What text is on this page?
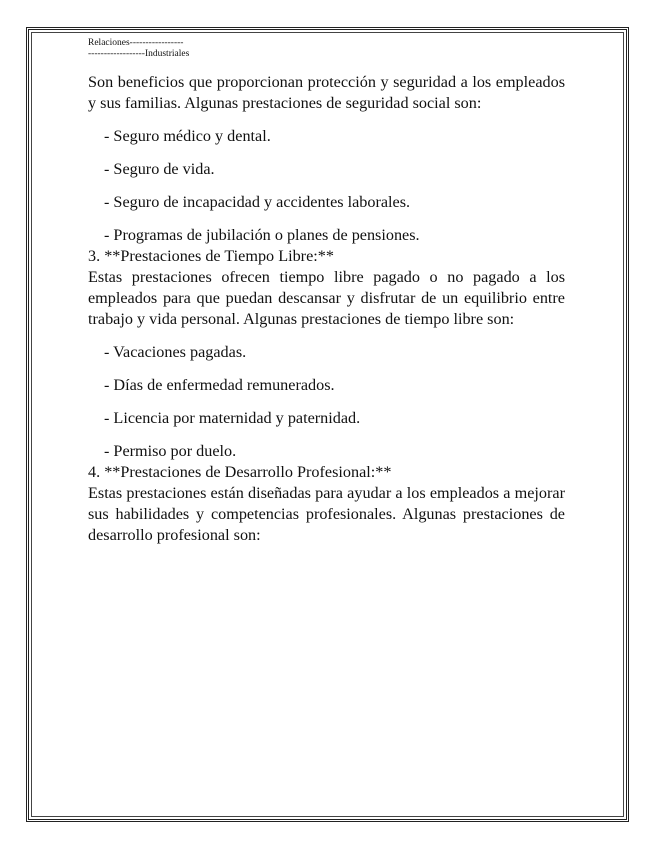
Relaciones-----------------
------------------Industriales

Son beneficios que proporcionan protección y seguridad a los empleados y sus familias. Algunas prestaciones de seguridad social son:

- Seguro médico y dental.
- Seguro de vida.
- Seguro de incapacidad y accidentes laborales.
- Programas de jubilación o planes de pensiones.
3. **Prestaciones de Tiempo Libre:**

Estas prestaciones ofrecen tiempo libre pagado o no pagado a los empleados para que puedan descansar y disfrutar de un equilibrio entre trabajo y vida personal. Algunas prestaciones de tiempo libre son:

- Vacaciones pagadas.
- Días de enfermedad remunerados.
- Licencia por maternidad y paternidad.
- Permiso por duelo.
4. **Prestaciones de Desarrollo Profesional:**

Estas prestaciones están diseñadas para ayudar a los empleados a mejorar sus habilidades y competencias profesionales. Algunas prestaciones de desarrollo profesional son:
